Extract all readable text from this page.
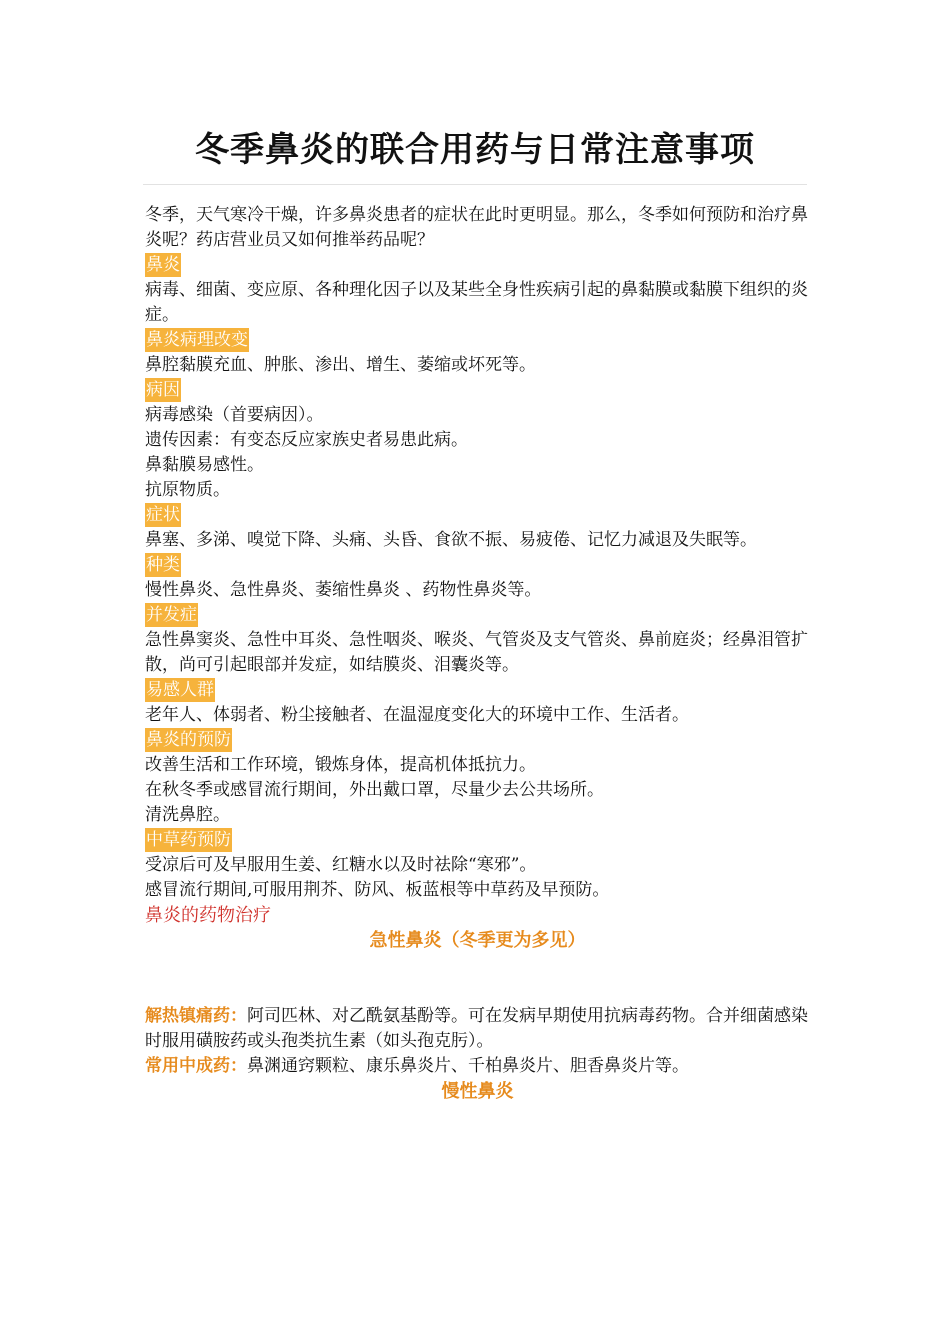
冬季鼻炎的联合用药与日常注意事项

冬季，天气寒冷干燥，许多鼻炎患者的症状在此时更明显。那么，冬季如何预防和治疗鼻炎呢？药店营业员又如何推举药品呢？

鼻炎

病毒、细菌、变应原、各种理化因子以及某些全身性疾病引起的鼻黏膜或黏膜下组织的炎症。

鼻炎病理改变

鼻腔黏膜充血、肿胀、渗出、增生、萎缩或坏死等。

病因

病毒感染（首要病因）。

遗传因素：有变态反应家族史者易患此病。

鼻黏膜易感性。

抗原物质。

症状

鼻塞、多涕、嗅觉下降、头痛、头昏、食欲不振、易疲倦、记忆力减退及失眠等。

种类

慢性鼻炎、急性鼻炎、萎缩性鼻炎 、药物性鼻炎等。

并发症

急性鼻窦炎、急性中耳炎、急性咽炎、喉炎、气管炎及支气管炎、鼻前庭炎；经鼻泪管扩散，尚可引起眼部并发症，如结膜炎、泪囊炎等。

易感人群

老年人、体弱者、粉尘接触者、在温湿度变化大的环境中工作、生活者。

鼻炎的预防

改善生活和工作环境，锻炼身体，提高机体抵抗力。

在秋冬季或感冒流行期间，外出戴口罩，尽量少去公共场所。

清洗鼻腔。

中草药预防

受凉后可及早服用生姜、红糖水以及时祛除“寒邪”。

感冒流行期间,可服用荆芥、防风、板蓝根等中草药及早预防。

鼻炎的药物治疗

急性鼻炎（冬季更为多见）

解热镇痛药：阿司匹林、对乙酰氨基酚等。可在发病早期使用抗病毒药物。合并细菌感染时服用磺胺药或头孢类抗生素（如头孢克肟）。

常用中成药：鼻渊通窍颗粒、康乐鼻炎片、千柏鼻炎片、胆香鼻炎片等。

慢性鼻炎
